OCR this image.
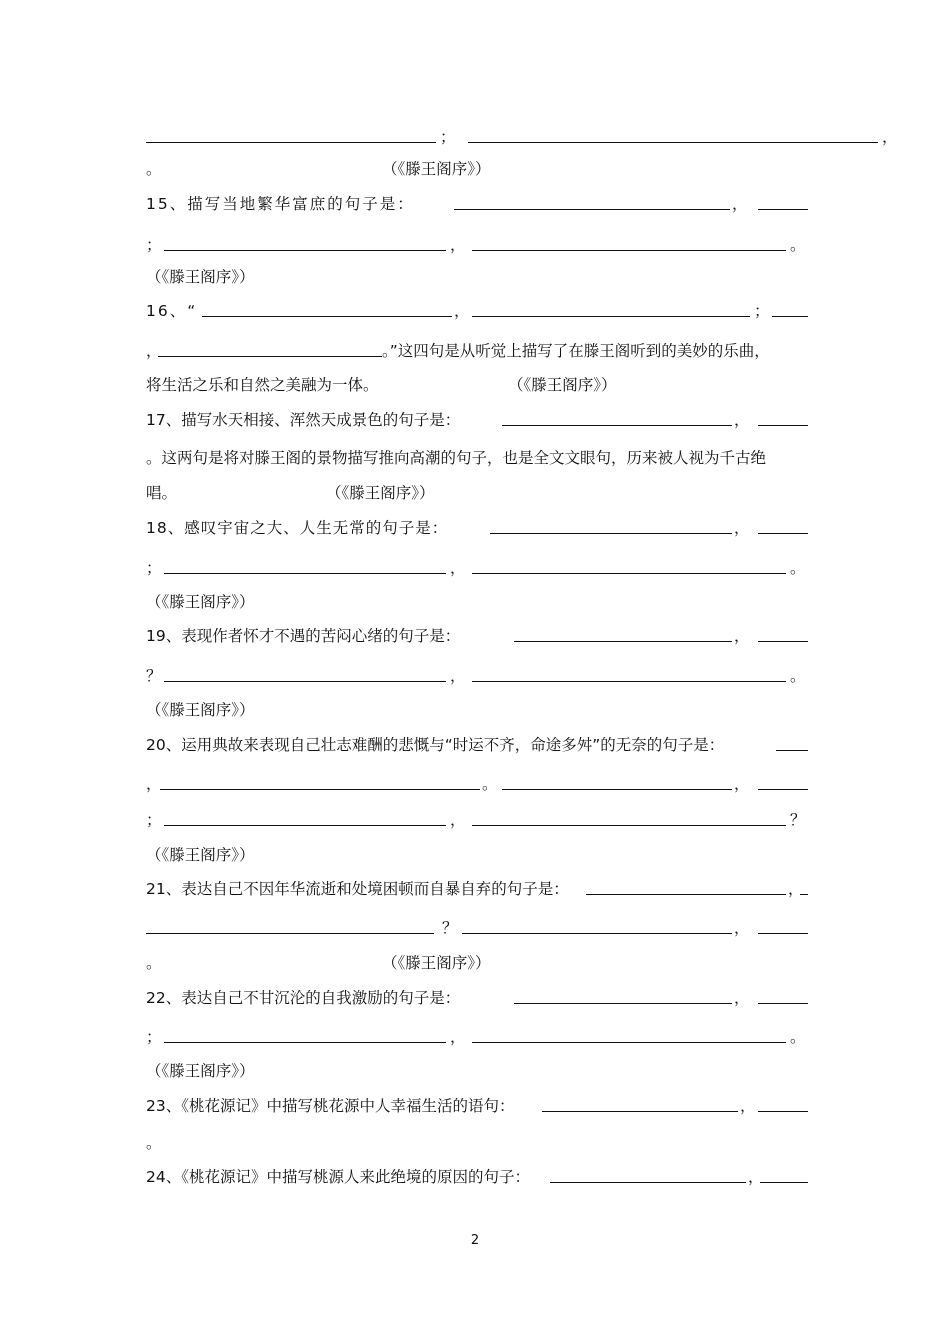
；	，
。	（《滕王阁序》）
15、描写当地繁华富庶的句子是：	，
；	，	。
（《滕王阁序》）
16、“	，	；
，	。”这四句是从听觉上描写了在滕王阁听到的美妙的乐曲，
将生活之乐和自然之美融为一体。	（《滕王阁序》）
17、描写水天相接、浑然天成景色的句子是：	，
。这两句是将对滕王阁的景物描写推向高潮的句子，也是全文文眼句，历来被人视为千古绝
唱。	（《滕王阁序》）
18、感叹宇宙之大、人生无常的句子是：	，
；	，	。
（《滕王阁序》）
19、表现作者怀才不遇的苦闷心绪的句子是：	，
？	，	。
（《滕王阁序》）
20、运用典故来表现自己壮志难酬的悲慨与“时运不齐，命途多舛”的无奈的句子是：
，	。	，
；	，	？
（《滕王阁序》）
21、表达自己不因年华流逝和处境困顿而自暴自弃的句子是：	，
？	，
。	（《滕王阁序》）
22、表达自己不甘沉沦的自我激励的句子是：	，
；	，	。
（《滕王阁序》）
23、《桃花源记》中描写桃花源中人幸福生活的语句：	，
。
24、《桃花源记》中描写桃源人来此绝境的原因的句子：	，
2
